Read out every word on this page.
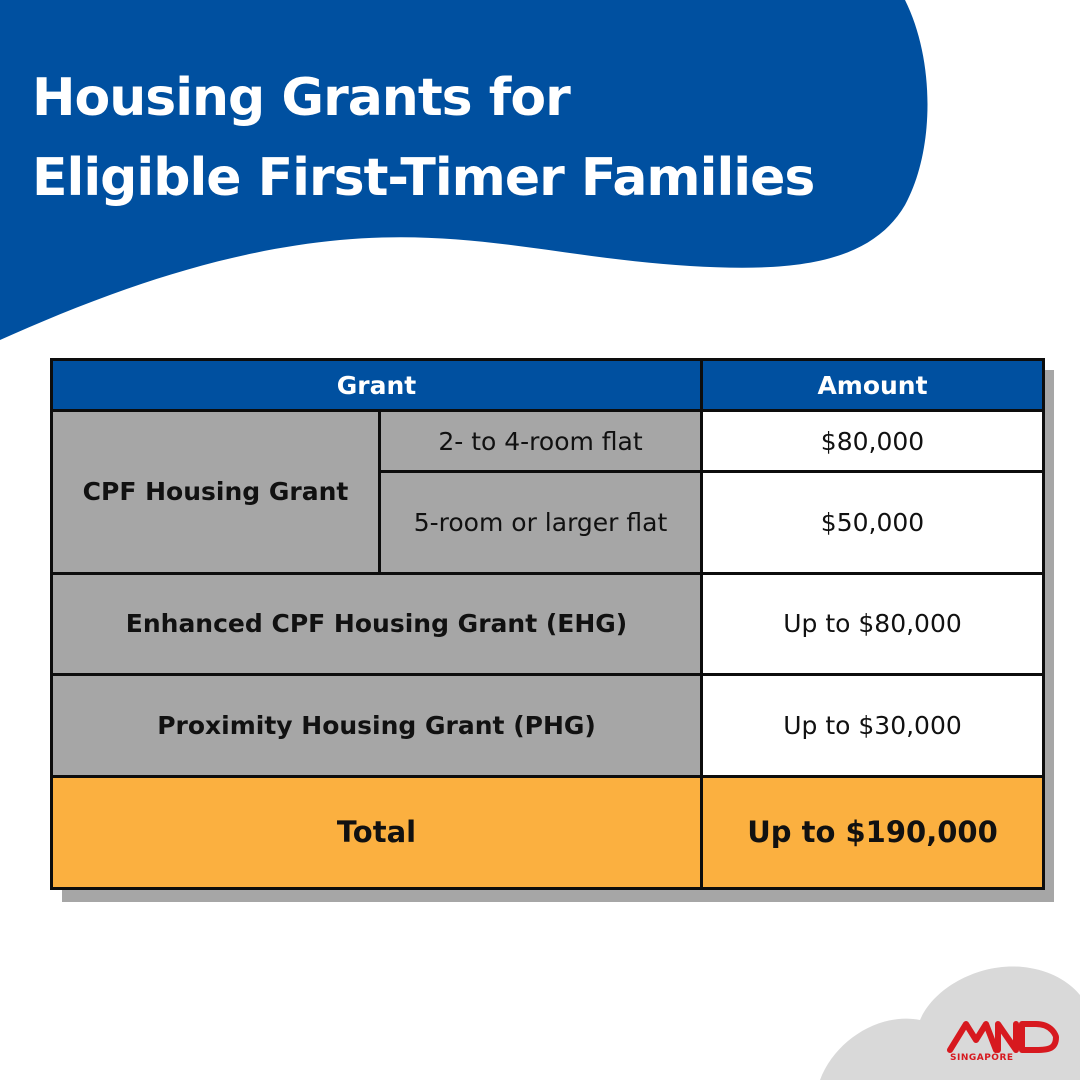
Housing Grants for
Eligible First-Timer Families
Grant		Amount
CPF Housing Grant	2- to 4-room flat	$80,000
	5-room or larger flat	$50,000
Enhanced CPF Housing Grant (EHG)		Up to $80,000
Proximity Housing Grant (PHG)		Up to $30,000
Total		Up to $190,000
SINGAPORE
